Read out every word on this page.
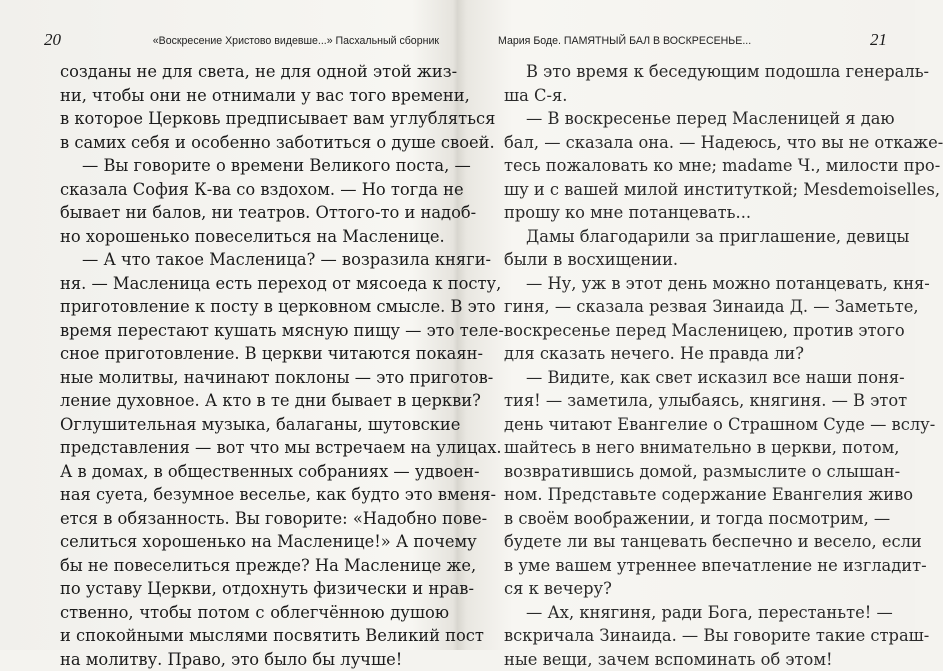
20	«Воскресение Христово видевше...» Пасхальный сборник
созданы не для света, не для одной этой жиз-
ни, чтобы они не отнимали у вас того времени,
в которое Церковь предписывает вам углубляться
в самих себя и особенно заботиться о душе своей.
— Вы говорите о времени Великого поста, —
сказала София К-ва со вздохом. — Но тогда не
бывает ни балов, ни театров. Оттого-то и надоб-
но хорошенько повеселиться на Масленице.
— А что такое Масленица? — возразила княги-
ня. — Масленица есть переход от мясоеда к посту,
приготовление к посту в церковном смысле. В это
время перестают кушать мясную пищу — это теле-
сное приготовление. В церкви читаются покаян-
ные молитвы, начинают поклоны — это приготов-
ление духовное. А кто в те дни бывает в церкви?
Оглушительная музыка, балаганы, шутовские
представления — вот что мы встречаем на улицах.
А в домах, в общественных собраниях — удвоен-
ная суета, безумное веселье, как будто это вменя-
ется в обязанность. Вы говорите: «Надобно пове-
селиться хорошенько на Масленице!» А почему
бы не повеселиться прежде? На Масленице же,
по уставу Церкви, отдохнуть физически и нрав-
ственно, чтобы потом с облегчённою душою
и спокойными мыслями посвятить Великий пост
на молитву. Право, это было бы лучше!
Мария Боде. ПАМЯТНЫЙ БАЛ В ВОСКРЕСЕНЬЕ...	21
В это время к беседующим подошла генераль-
ша С-я.
— В воскресенье перед Масленицей я даю
бал, — сказала она. — Надеюсь, что вы не откаже-
тесь пожаловать ко мне; madame Ч., милости про-
шу и с вашей милой институткой; Mesdemoiselles,
прошу ко мне потанцевать...
Дамы благодарили за приглашение, девицы
были в восхищении.
— Ну, уж в этот день можно потанцевать, кня-
гиня, — сказала резвая Зинаида Д. — Заметьте,
воскресенье перед Масленицею, против этого
для сказать нечего. Не правда ли?
— Видите, как свет исказил все наши поня-
тия! — заметила, улыбаясь, княгиня. — В этот
день читают Евангелие о Страшном Суде — вслу-
шайтесь в него внимательно в церкви, потом,
возвратившись домой, размыслите о слышан-
ном. Представьте содержание Евангелия живо
в своём воображении, и тогда посмотрим, —
будете ли вы танцевать беспечно и весело, если
в уме вашем утреннее впечатление не изгладит-
ся к вечеру?
— Ах, княгиня, ради Бога, перестаньте! —
вскричала Зинаида. — Вы говорите такие страш-
ные вещи, зачем вспоминать об этом!
